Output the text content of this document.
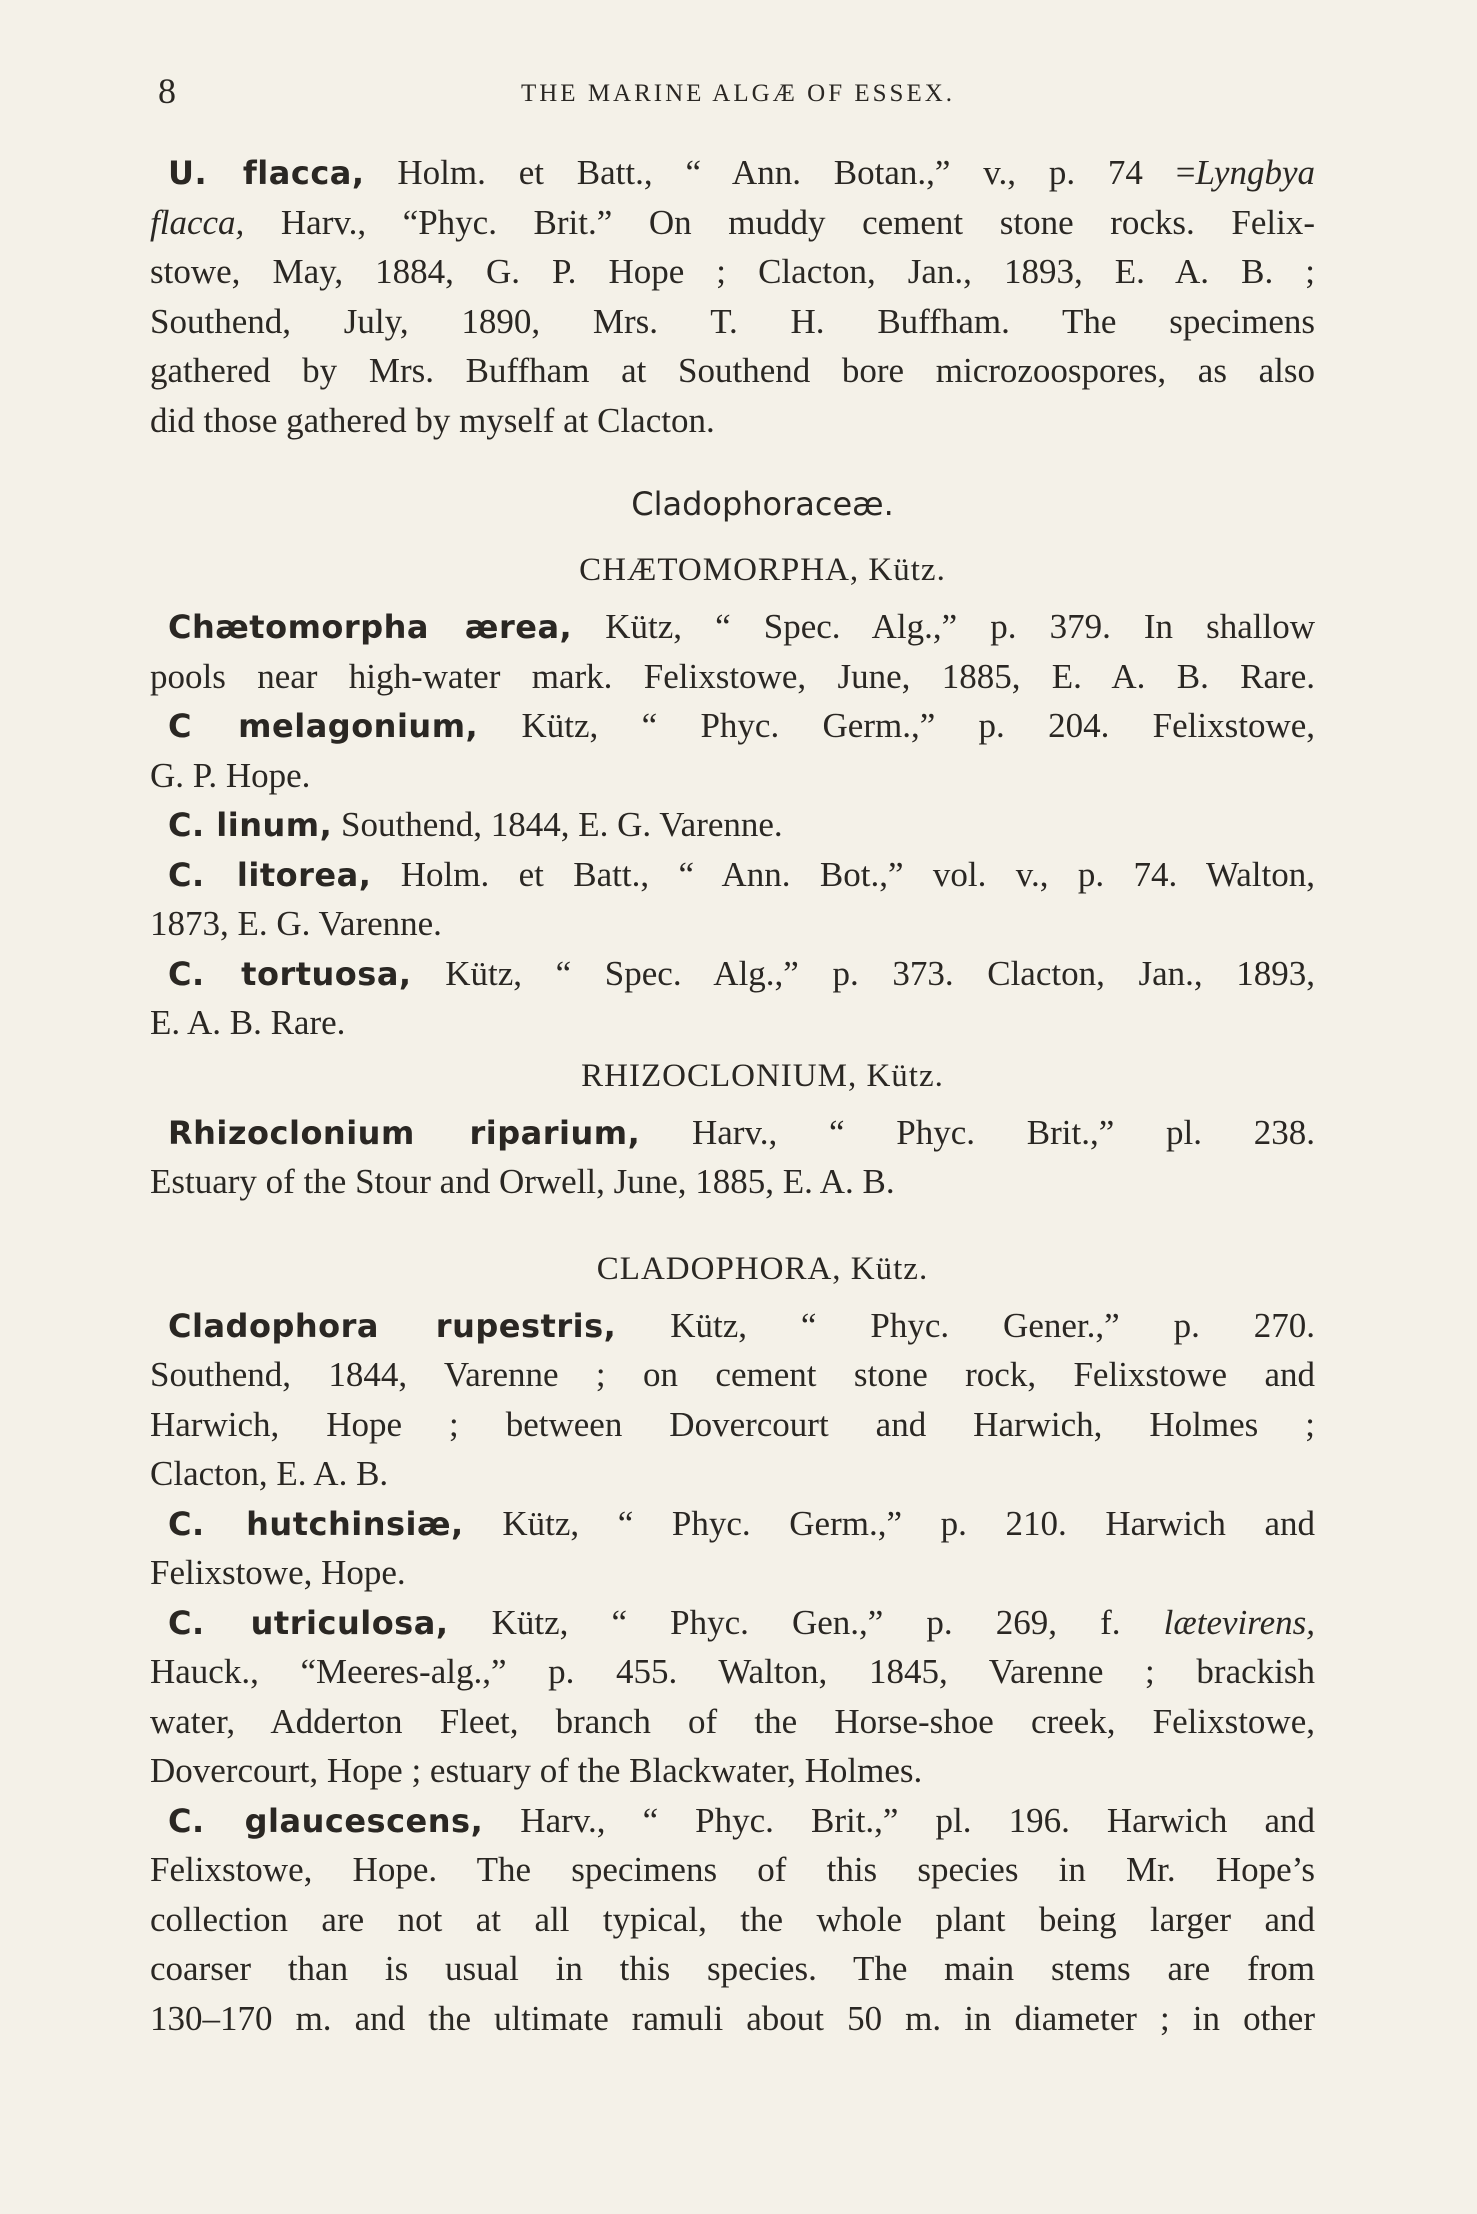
8	THE MARINE ALGÆ OF ESSEX.
U. flacca, Holm. et Batt., “ Ann. Botan.,” v., p. 74 =Lyngbya
flacca, Harv., “Phyc. Brit.” On muddy cement stone rocks. Felix-
stowe, May, 1884, G. P. Hope ; Clacton, Jan., 1893, E. A. B. ;
Southend, July, 1890, Mrs. T. H. Buffham. The specimens
gathered by Mrs. Buffham at Southend bore microzoospores, as also
did those gathered by myself at Clacton.
Cladophoraceæ.
CHÆTOMORPHA, Kütz.
Chætomorpha ærea, Kütz, “ Spec. Alg.,” p. 379. In shallow
pools near high-water mark. Felixstowe, June, 1885, E. A. B. Rare.
C melagonium, Kütz, “ Phyc. Germ.,” p. 204. Felixstowe,
G. P. Hope.
C. linum, Southend, 1844, E. G. Varenne.
C. litorea, Holm. et Batt., “ Ann. Bot.,” vol. v., p. 74. Walton,
1873, E. G. Varenne.
C. tortuosa, Kütz, “ Spec. Alg.,” p. 373. Clacton, Jan., 1893,
E. A. B. Rare.
RHIZOCLONIUM, Kütz.
Rhizoclonium riparium, Harv., “ Phyc. Brit.,” pl. 238.
Estuary of the Stour and Orwell, June, 1885, E. A. B.
CLADOPHORA, Kütz.
Cladophora rupestris, Kütz, “ Phyc. Gener.,” p. 270.
Southend, 1844, Varenne ; on cement stone rock, Felixstowe and
Harwich, Hope ; between Dovercourt and Harwich, Holmes ;
Clacton, E. A. B.
C. hutchinsiæ, Kütz, “ Phyc. Germ.,” p. 210. Harwich and
Felixstowe, Hope.
C. utriculosa, Kütz, “ Phyc. Gen.,” p. 269, f. lætevirens,
Hauck., “Meeres-alg.,” p. 455. Walton, 1845, Varenne ; brackish
water, Adderton Fleet, branch of the Horse-shoe creek, Felixstowe,
Dovercourt, Hope ; estuary of the Blackwater, Holmes.
C. glaucescens, Harv., “ Phyc. Brit.,” pl. 196. Harwich and
Felixstowe, Hope. The specimens of this species in Mr. Hope’s
collection are not at all typical, the whole plant being larger and
coarser than is usual in this species. The main stems are from
130–170 m. and the ultimate ramuli about 50 m. in diameter ; in other
